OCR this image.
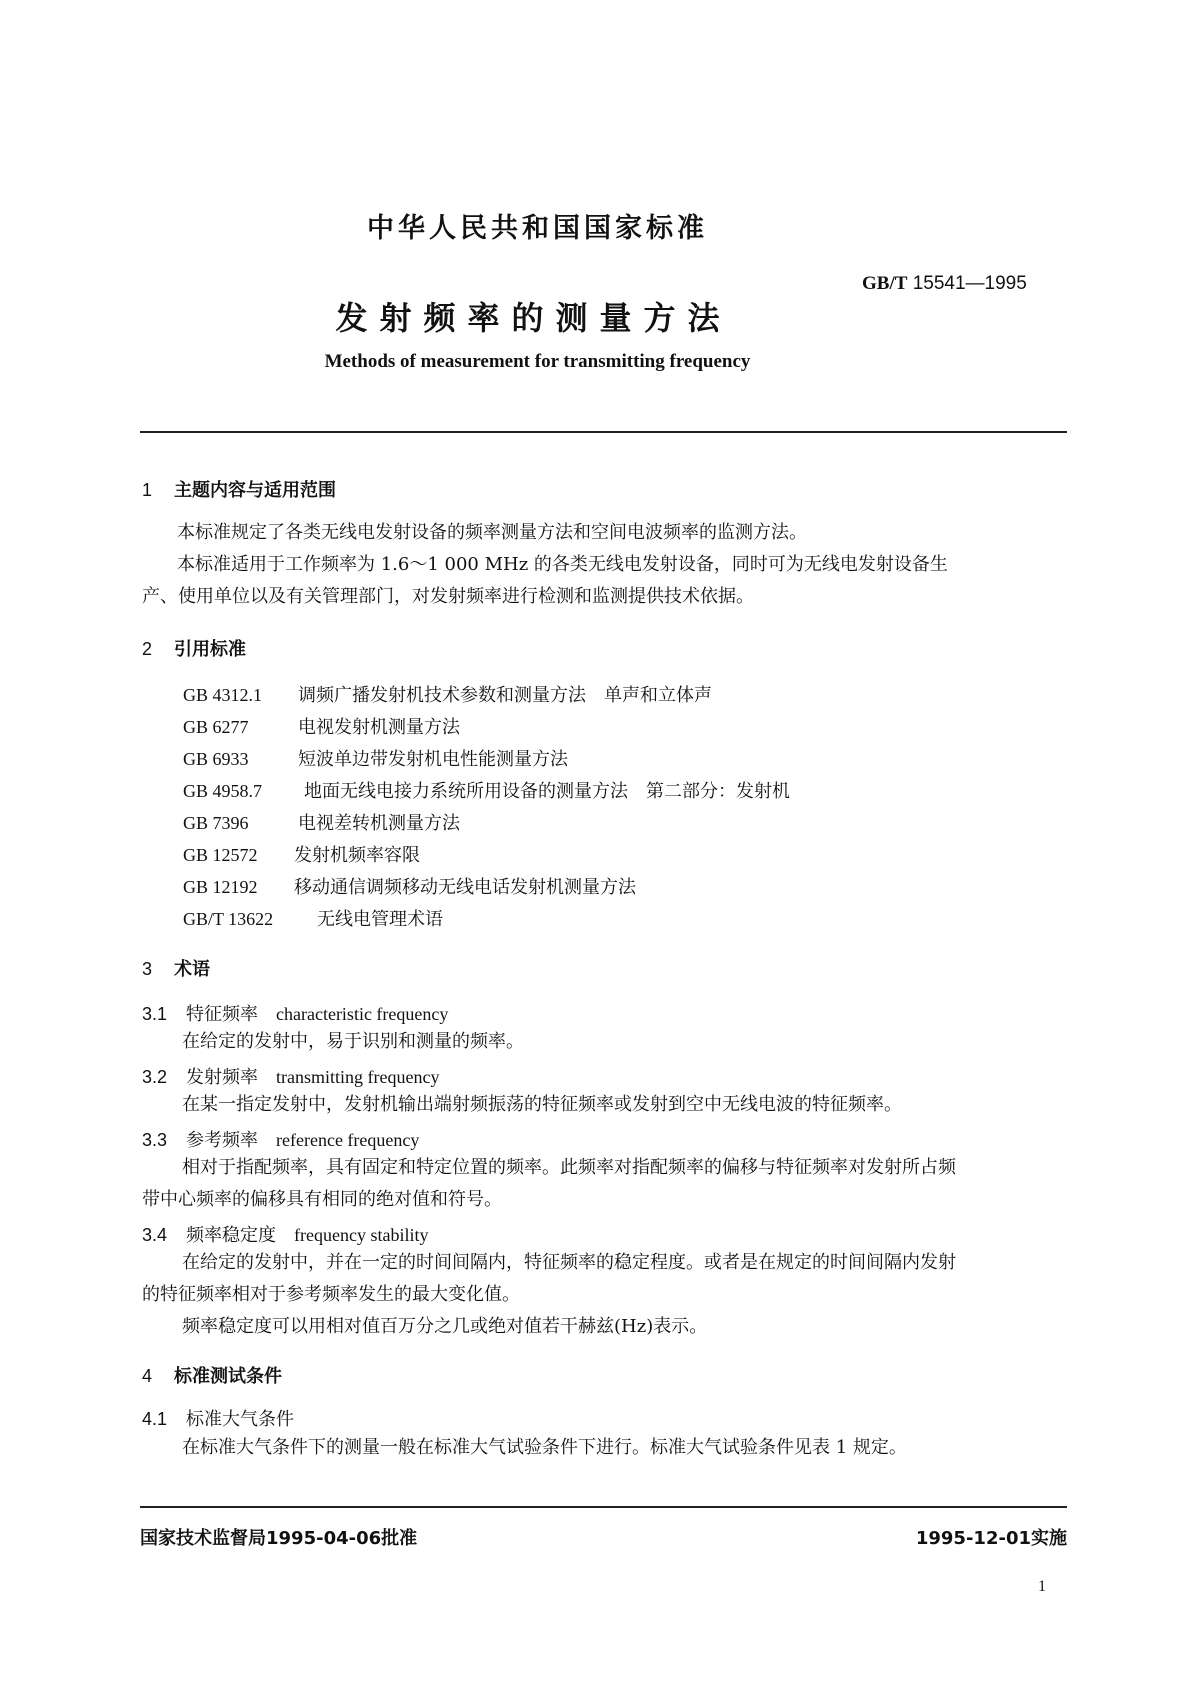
中华人民共和国国家标准
GB/T 15541—1995
发射频率的测量方法
Methods of measurement for transmitting frequency
1 主题内容与适用范围
本标准规定了各类无线电发射设备的频率测量方法和空间电波频率的监测方法。
本标准适用于工作频率为 1.6～1 000 MHz 的各类无线电发射设备，同时可为无线电发射设备生
产、使用单位以及有关管理部门，对发射频率进行检测和监测提供技术依据。
2 引用标准
GB 4312.1 调频广播发射机技术参数和测量方法　单声和立体声
GB 6277	电视发射机测量方法
GB 6933	短波单边带发射机电性能测量方法
GB 4958.7 地面无线电接力系统所用设备的测量方法　第二部分：发射机
GB 7396	电视差转机测量方法
GB 12572 发射机频率容限
GB 12192 移动通信调频移动无线电话发射机测量方法
GB/T 13622 无线电管理术语
3 术语
3.1 特征频率 characteristic frequency
在给定的发射中，易于识别和测量的频率。
3.2 发射频率 transmitting frequency
在某一指定发射中，发射机输出端射频振荡的特征频率或发射到空中无线电波的特征频率。
3.3 参考频率 reference frequency
相对于指配频率，具有固定和特定位置的频率。此频率对指配频率的偏移与特征频率对发射所占频
带中心频率的偏移具有相同的绝对值和符号。
3.4 频率稳定度 frequency stability
在给定的发射中，并在一定的时间间隔内，特征频率的稳定程度。或者是在规定的时间间隔内发射
的特征频率相对于参考频率发生的最大变化值。
频率稳定度可以用相对值百万分之几或绝对值若干赫兹(Hz)表示。
4 标准测试条件
4.1 标准大气条件
在标准大气条件下的测量一般在标准大气试验条件下进行。标准大气试验条件见表 1 规定。
国家技术监督局1995-04-06批准	1995-12-01实施
1
